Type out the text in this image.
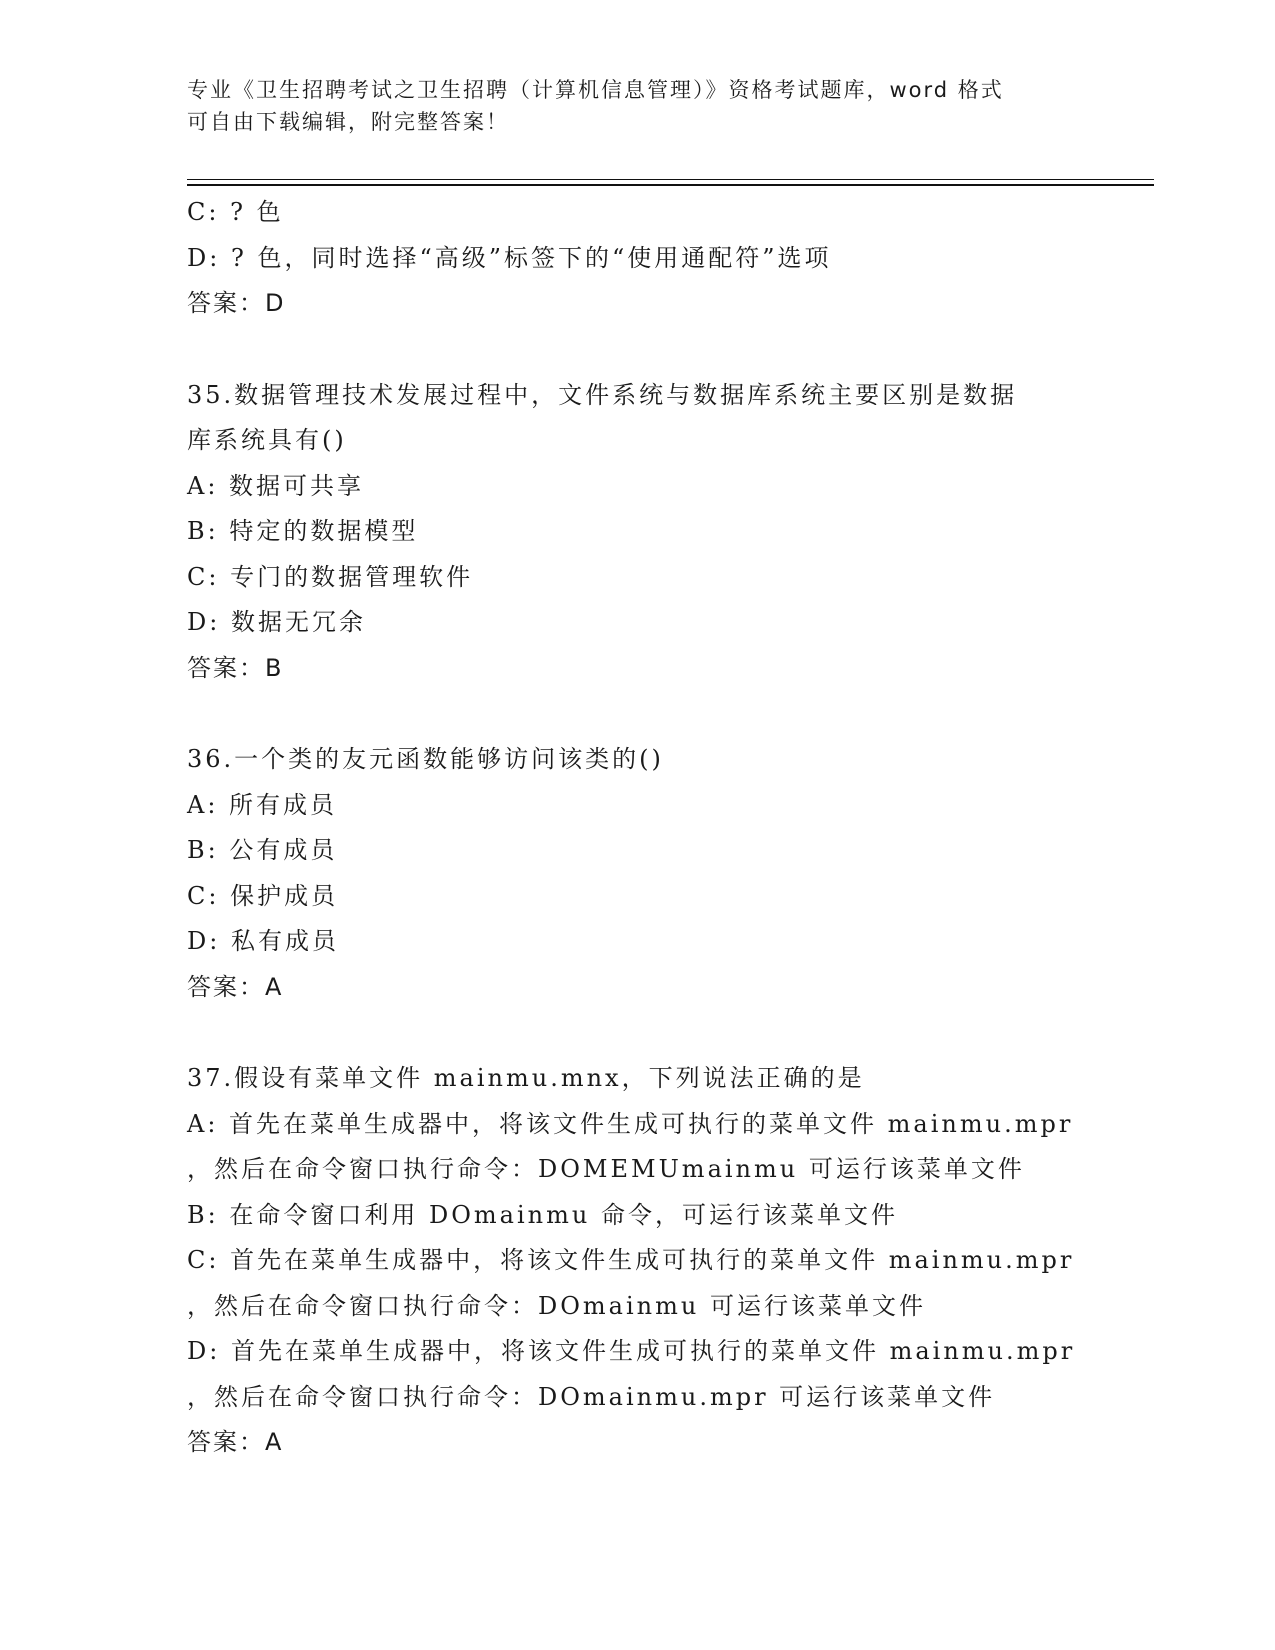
专业《卫生招聘考试之卫生招聘（计算机信息管理）》资格考试题库，word 格式
可自由下载编辑，附完整答案！
C: ? 色
D: ? 色，同时选择“高级”标签下的“使用通配符”选项
答案：D
35.数据管理技术发展过程中，文件系统与数据库系统主要区别是数据
库系统具有()
A: 数据可共享
B: 特定的数据模型
C: 专门的数据管理软件
D: 数据无冗余
答案：B
36.一个类的友元函数能够访问该类的()
A: 所有成员
B: 公有成员
C: 保护成员
D: 私有成员
答案：A
37.假设有菜单文件 mainmu.mnx，下列说法正确的是
A: 首先在菜单生成器中，将该文件生成可执行的菜单文件 mainmu.mpr
，然后在命令窗口执行命令：DOMEMUmainmu 可运行该菜单文件
B: 在命令窗口利用 DOmainmu 命令，可运行该菜单文件
C: 首先在菜单生成器中，将该文件生成可执行的菜单文件 mainmu.mpr
，然后在命令窗口执行命令：DOmainmu 可运行该菜单文件
D: 首先在菜单生成器中，将该文件生成可执行的菜单文件 mainmu.mpr
，然后在命令窗口执行命令：DOmainmu.mpr 可运行该菜单文件
答案：A
